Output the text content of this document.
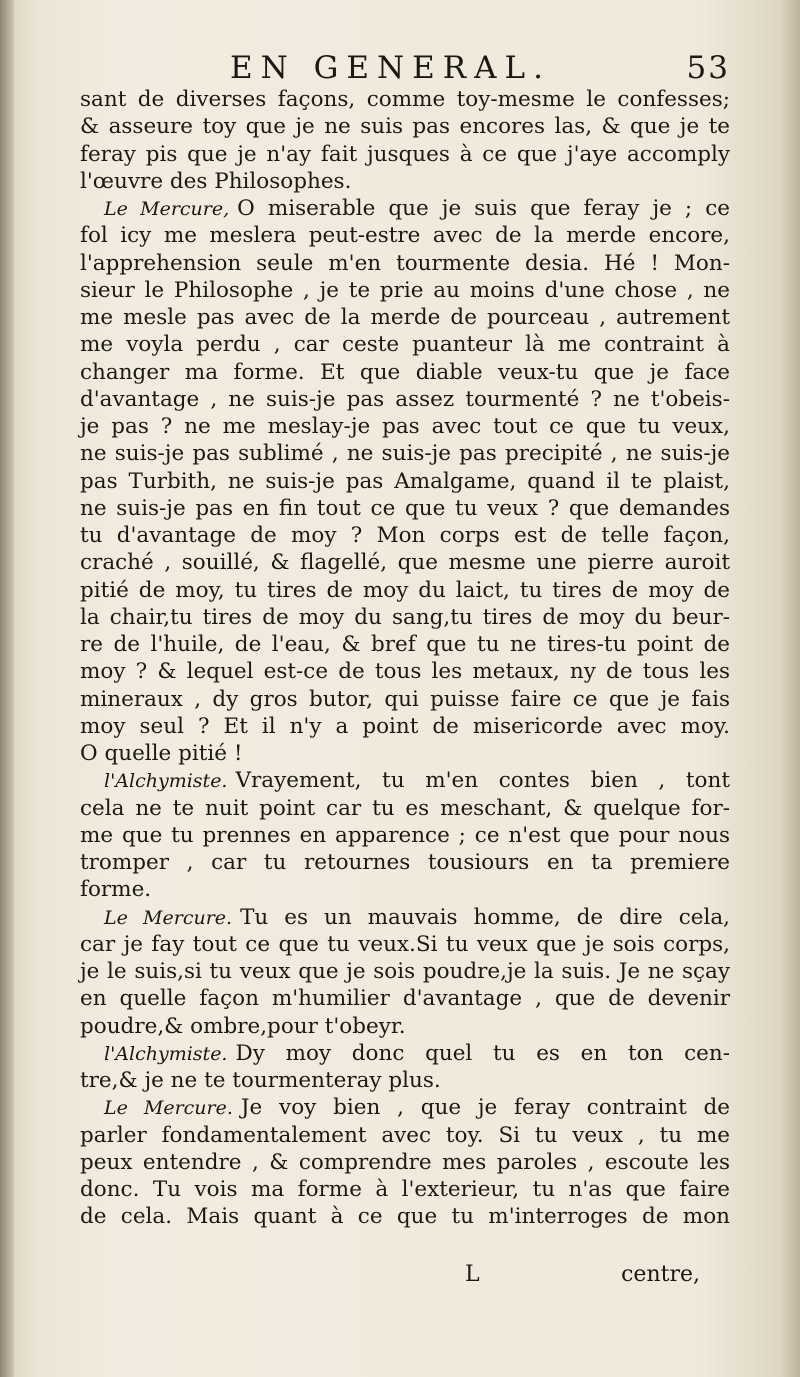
EN GENERAL.	53
sant de diverses façons, comme toy-mesme le confesses;
& asseure toy que je ne suis pas encores las, & que je te
feray pis que je n'ay fait jusques à ce que j'aye accomply
l'œuvre des Philosophes.
Le Mercure, O miserable que je suis que feray je ; ce
fol icy me meslera peut-estre avec de la merde encore,
l'apprehension seule m'en tourmente desia. Hé ! Mon-
sieur le Philosophe , je te prie au moins d'une chose , ne
me mesle pas avec de la merde de pourceau , autrement
me voyla perdu , car ceste puanteur là me contraint à
changer ma forme. Et que diable veux-tu que je face
d'avantage , ne suis-je pas assez tourmenté ? ne t'obeis-
je pas ? ne me meslay-je pas avec tout ce que tu veux,
ne suis-je pas sublimé , ne suis-je pas precipité , ne suis-je
pas Turbith, ne suis-je pas Amalgame, quand il te plaist,
ne suis-je pas en fin tout ce que tu veux ? que demandes
tu d'avantage de moy ? Mon corps est de telle façon,
craché , souillé, & flagellé, que mesme une pierre auroit
pitié de moy, tu tires de moy du laict, tu tires de moy de
la chair,tu tires de moy du sang,tu tires de moy du beur-
re de l'huile, de l'eau, & bref que tu ne tires-tu point de
moy ? & lequel est-ce de tous les metaux, ny de tous les
mineraux , dy gros butor, qui puisse faire ce que je fais
moy seul ? Et il n'y a point de misericorde avec moy.
O quelle pitié !
l'Alchymiste. Vrayement, tu m'en contes bien , tont
cela ne te nuit point car tu es meschant, & quelque for-
me que tu prennes en apparence ; ce n'est que pour nous
tromper , car tu retournes tousiours en ta premiere
forme.
Le Mercure. Tu es un mauvais homme, de dire cela,
car je fay tout ce que tu veux.Si tu veux que je sois corps,
je le suis,si tu veux que je sois poudre,je la suis. Je ne sçay
en quelle façon m'humilier d'avantage , que de devenir
poudre,& ombre,pour t'obeyr.
l'Alchymiste. Dy moy donc quel tu es en ton cen-
tre,& je ne te tourmenteray plus.
Le Mercure. Je voy bien , que je feray contraint de
parler fondamentalement avec toy. Si tu veux , tu me
peux entendre , & comprendre mes paroles , escoute les
donc. Tu vois ma forme à l'exterieur, tu n'as que faire
de cela. Mais quant à ce que tu m'interroges de mon
L	centre,
